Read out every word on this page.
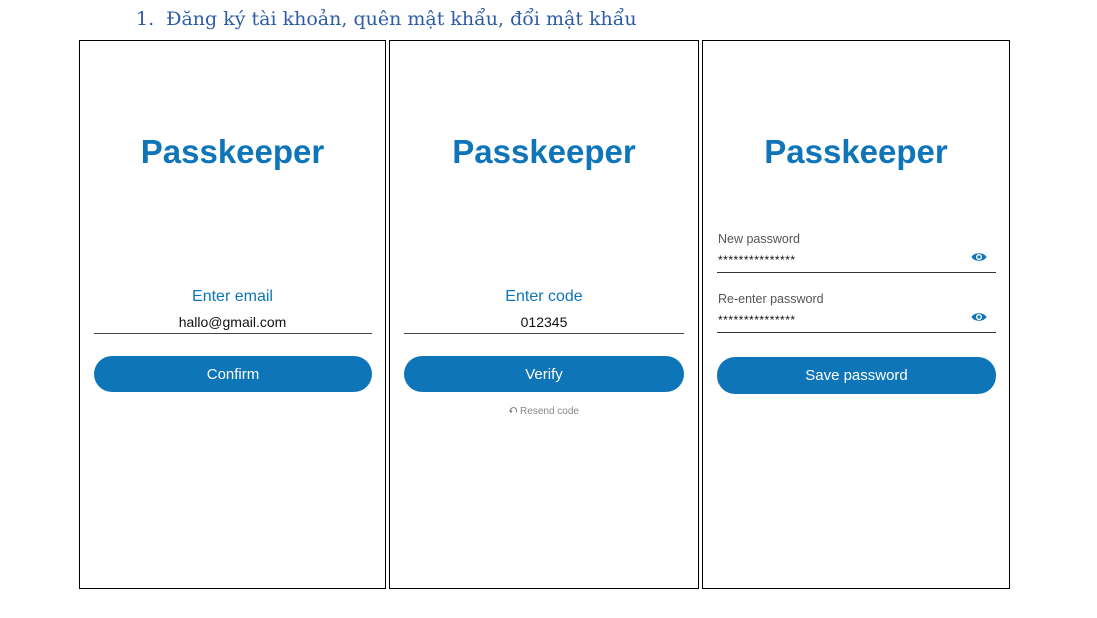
1. Đăng ký tài khoản, quên mật khẩu, đổi mật khẩu
Passkeeper
Enter email
hallo@gmail.com
Confirm
Passkeeper
Enter code
012345
Verify
Resend code
Passkeeper
New password
***************
Re-enter password
***************
Save password
